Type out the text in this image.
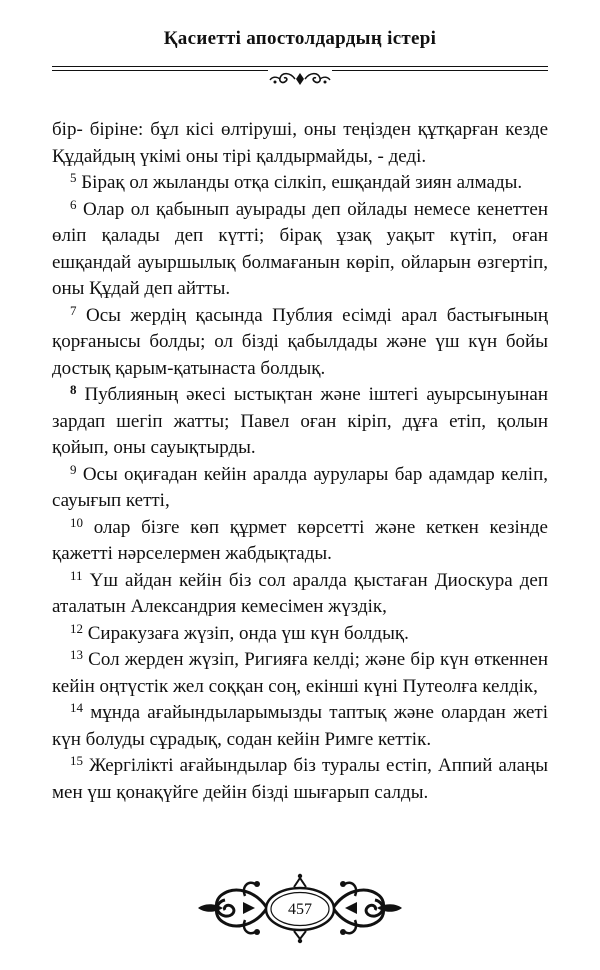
Қасиетті апостолдардың істері

бір- біріне: бұл кісі өлтіруші, оны теңізден құтқарған кезде Құдайдың үкімі оны тірі қалдырмайды, - деді.

$^5$ Бірақ ол жыланды отқа сілкіп, ешқандай зиян алмады.

$^6$ Олар ол қабынып ауырады деп ойлады немесе кенеттен өліп қалады деп күтті; бірақ ұзақ уақыт күтіп, оған ешқандай ауыршылық болмағанын көріп, ойларын өзгертіп, оны Құдай деп айтты.

$^7$ Осы жердің қасында Публия есімді арал бастығының қорғанысы болды; ол бізді қабылдады және үш күн бойы достық қарым-қатынаста болдық.

$^8$ Публияның әкесі ыстықтан және іштегі ауырсынуынан зардап шегіп жатты; Павел оған кіріп, дұға етіп, қолын қойып, оны сауықтырды.

$^9$ Осы оқиғадан кейін аралда аурулары бар адамдар келіп, сауығып кетті,

$^{10}$ олар бізге көп құрмет көрсетті және кеткен кезінде қажетті нәрселермен жабдықтады.

$^{11}$ Үш айдан кейін біз сол аралда қыстаған Диоскура деп аталатын Александрия кемесімен жүздік,

$^{12}$ Сиракузаға жүзіп, онда үш күн болдық.

$^{13}$ Сол жерден жүзіп, Ригияға келді; және бір күн өткеннен кейін оңтүстік жел соққан соң, екінші күні Путеолға келдік,

$^{14}$ мұнда ағайындыларымызды таптық және олардан жеті күн болуды сұрадық, содан кейін Римге кеттік.

$^{15}$ Жергілікті ағайындылар біз туралы естіп, Аппий алаңы мен үш қонақүйге дейін бізді шығарып салды.

457
